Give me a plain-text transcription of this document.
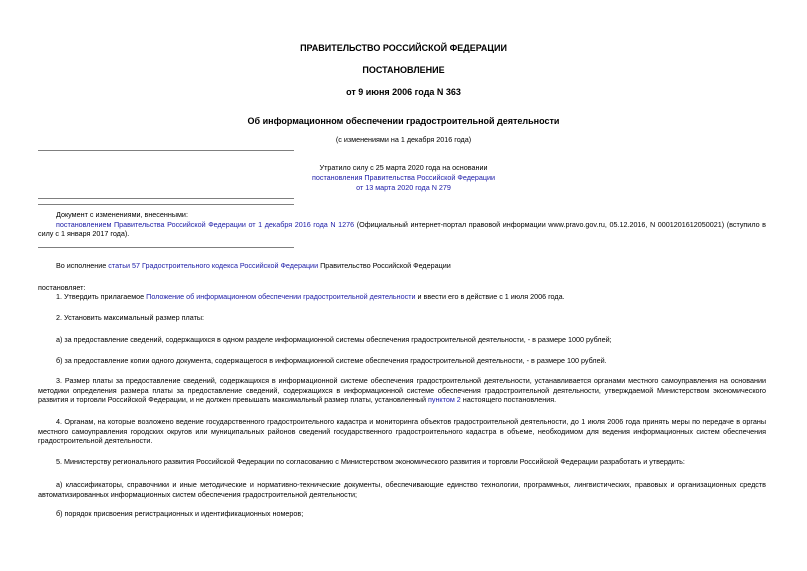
ПРАВИТЕЛЬСТВО РОССИЙСКОЙ ФЕДЕРАЦИИ
ПОСТАНОВЛЕНИЕ
от 9 июня 2006 года N 363
Об информационном обеспечении градостроительной деятельности
(с изменениями на 1 декабря 2016 года)
Утратило силу с 25 марта 2020 года на основании
постановления Правительства Российской Федерации
от 13 марта 2020 года N 279

Документ с изменениями, внесенными:

постановлением Правительства Российской Федерации от 1 декабря 2016 года N 1276 (Официальный интернет-портал правовой информации www.pravo.gov.ru, 05.12.2016, N 0001201612050021) (вступило в силу с 1 января 2017 года).

Во исполнение статьи 57 Градостроительного кодекса Российской Федерации Правительство Российской Федерации

постановляет:

1. Утвердить прилагаемое Положение об информационном обеспечении градостроительной деятельности и ввести его в действие с 1 июля 2006 года.

2. Установить максимальный размер платы:

а) за предоставление сведений, содержащихся в одном разделе информационной системы обеспечения градостроительной деятельности, - в размере 1000 рублей;

б) за предоставление копии одного документа, содержащегося в информационной системе обеспечения градостроительной деятельности, - в размере 100 рублей.

3. Размер платы за предоставление сведений, содержащихся в информационной системе обеспечения градостроительной деятельности, устанавливается органами местного самоуправления на основании методики определения размера платы за предоставление сведений, содержащихся в информационной системе обеспечения градостроительной деятельности, утверждаемой Министерством экономического развития и торговли Российской Федерации, и не должен превышать максимальный размер платы, установленный пунктом 2 настоящего постановления.

4. Органам, на которые возложено ведение государственного градостроительного кадастра и мониторинга объектов градостроительной деятельности, до 1 июля 2006 года принять меры по передаче в органы местного самоуправления городских округов или муниципальных районов сведений государственного градостроительного кадастра в объеме, необходимом для ведения информационных систем обеспечения градостроительной деятельности.

5. Министерству регионального развития Российской Федерации по согласованию с Министерством экономического развития и торговли Российской Федерации разработать и утвердить:

а) классификаторы, справочники и иные методические и нормативно-технические документы, обеспечивающие единство технологии, программных, лингвистических, правовых и организационных средств автоматизированных информационных систем обеспечения градостроительной деятельности;

б) порядок присвоения регистрационных и идентификационных номеров;
